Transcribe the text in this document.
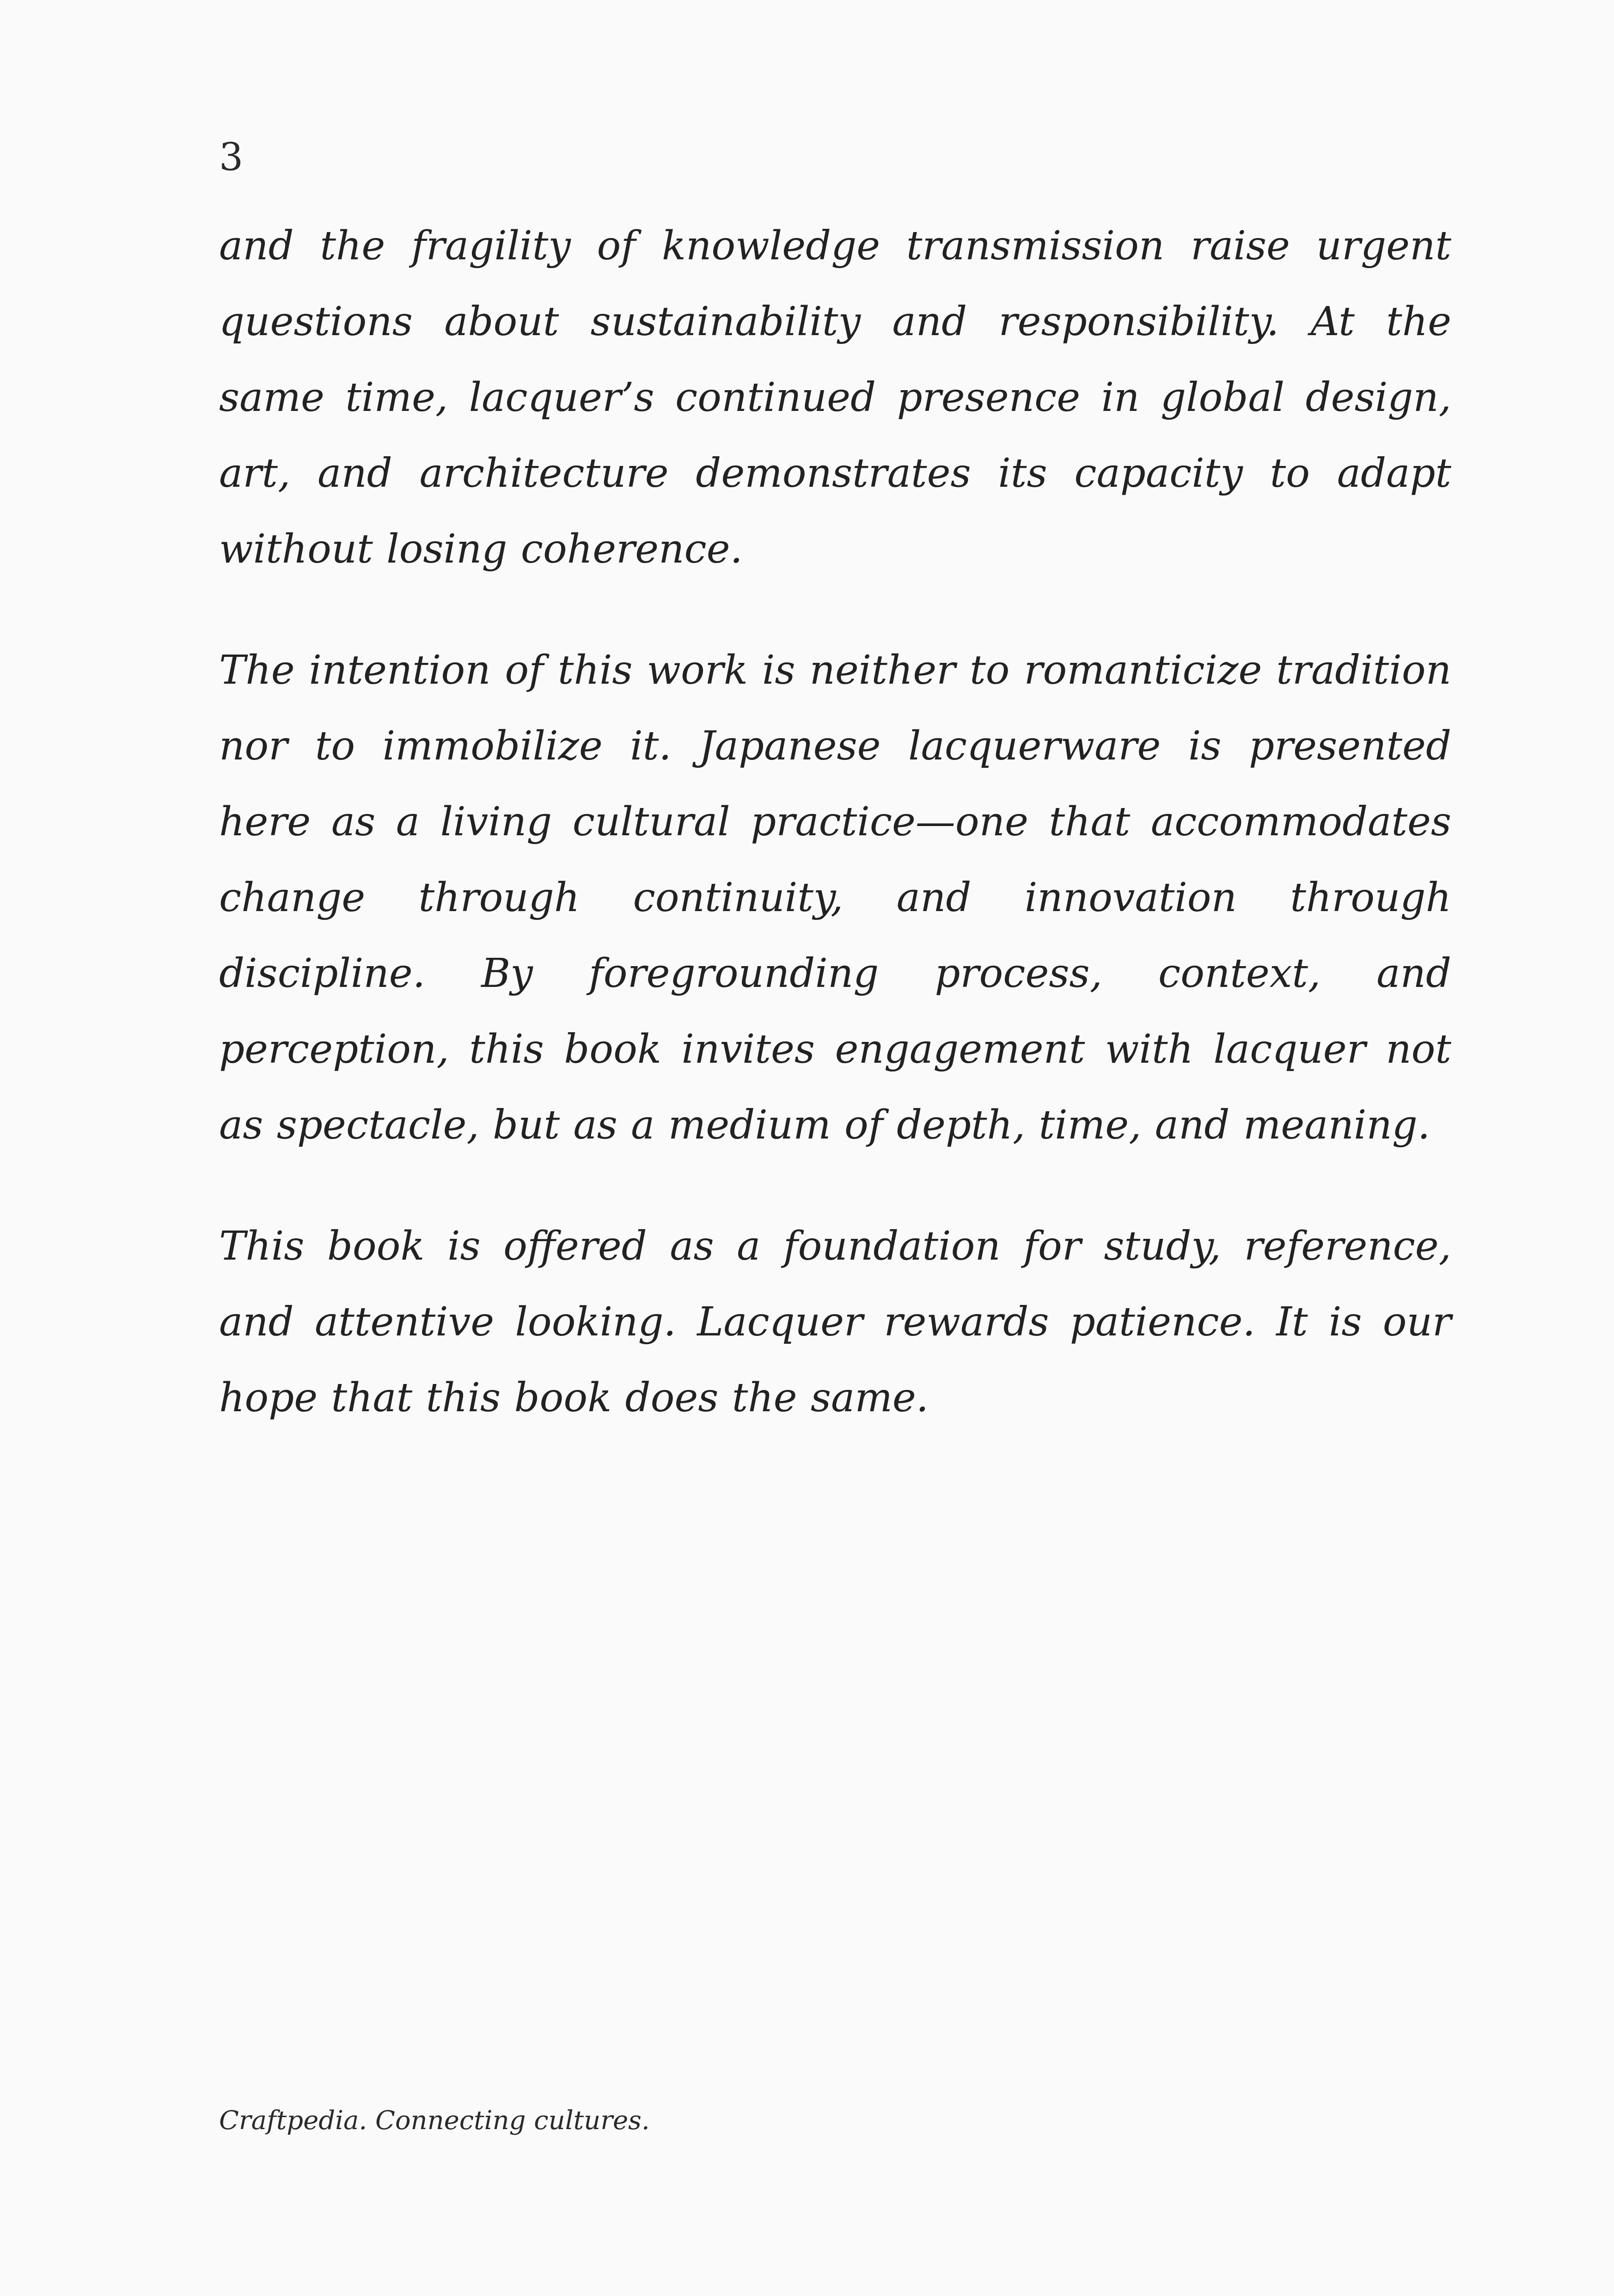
3

and the fragility of knowledge transmission raise urgent questions about sustainability and responsibility. At the same time, lacquer’s continued presence in global design, art, and architecture demonstrates its capacity to adapt without losing coherence.

The intention of this work is neither to romanticize tradition nor to immobilize it. Japanese lacquerware is presented here as a living cultural practice—one that accommodates change through continuity, and innovation through discipline. By foregrounding process, context, and perception, this book invites engagement with lacquer not as spectacle, but as a medium of depth, time, and meaning.

This book is offered as a foundation for study, reference, and attentive looking. Lacquer rewards patience. It is our hope that this book does the same.

Craftpedia. Connecting cultures.
